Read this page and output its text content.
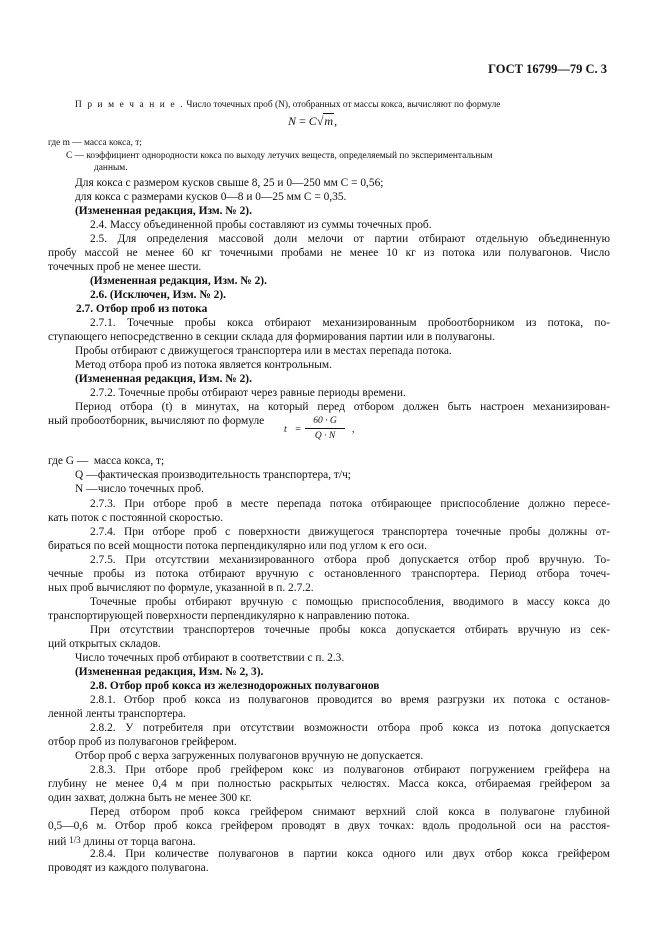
ГОСТ 16799—79 С. 3
П р и м е ч а н и е . Число точечных проб (N), отобранных от массы кокса, вычисляют по формуле
N = C√m,
где m — масса кокса, т;
C — коэффициент однородности кокса по выходу летучих веществ, определяемый по экспериментальным
данным.
Для кокса с размером кусков свыше 8, 25 и 0—250 мм C = 0,56;
для кокса с размерами кусков 0—8 и 0—25 мм C = 0,35.
(Измененная редакция, Изм. № 2).
2.4. Массу объединенной пробы составляют из суммы точечных проб.
2.5. Для определения массовой доли мелочи от партии отбирают отдельную объединенную
пробу массой не менее 60 кг точечными пробами не менее 10 кг из потока или полувагонов. Число
точечных проб не менее шести.
(Измененная редакция, Изм. № 2).
2.6. (Исключен, Изм. № 2).
2.7. Отбор проб из потока
2.7.1. Точечные пробы кокса отбирают механизированным пробоотборником из потока, по-
ступающего непосредственно в секции склада для формирования партии или в полувагоны.
Пробы отбирают с движущегося транспортера или в местах перепада потока.
Метод отбора проб из потока является контрольным.
(Измененная редакция, Изм. № 2).
2.7.2. Точечные пробы отбирают через равные периоды времени.
Период отбора (t) в минутах, на который перед отбором должен быть настроен механизирован-
ный пробоотборник, вычисляют по формуле
$t = \frac{60 \cdot G}{Q \cdot N}$ ,
где G — масса кокса, т;
Q — фактическая производительность транспортера, т/ч;
N — число точечных проб.
2.7.3. При отборе проб в месте перепада потока отбирающее приспособление должно пересе-
кать поток с постоянной скоростью.
2.7.4. При отборе проб с поверхности движущегося транспортера точечные пробы должны от-
бираться по всей мощности потока перпендикулярно или под углом к его оси.
2.7.5. При отсутствии механизированного отбора проб допускается отбор проб вручную. То-
чечные пробы из потока отбирают вручную с остановленного транспортера. Период отбора точеч-
ных проб вычисляют по формуле, указанной в п. 2.7.2.
Точечные пробы отбирают вручную с помощью приспособления, вводимого в массу кокса до
транспортирующей поверхности перпендикулярно к направлению потока.
При отсутствии транспортеров точечные пробы кокса допускается отбирать вручную из сек-
ций открытых складов.
Число точечных проб отбирают в соответствии с п. 2.3.
(Измененная редакция, Изм. № 2, 3).
2.8. Отбор проб кокса из железнодорожных полувагонов
2.8.1. Отбор проб кокса из полувагонов проводится во время разгрузки их потока с останов-
ленной ленты транспортера.
2.8.2. У потребителя при отсутствии возможности отбора проб кокса из потока допускается
отбор проб из полувагонов грейфером.
Отбор проб с верха загруженных полувагонов вручную не допускается.
2.8.3. При отборе проб грейфером кокс из полувагонов отбирают погружением грейфера на
глубину не менее 0,4 м при полностью раскрытых челюстях. Масса кокса, отбираемая грейфером за
один захват, должна быть не менее 300 кг.
Перед отбором проб кокса грейфером снимают верхний слой кокса в полувагоне глубиной
0,5—0,6 м. Отбор проб кокса грейфером проводят в двух точках: вдоль продольной оси на расстоя-
ний 1/3 длины от торца вагона.
2.8.4. При количестве полувагонов в партии кокса одного или двух отбор кокса грейфером
проводят из каждого полувагона.
